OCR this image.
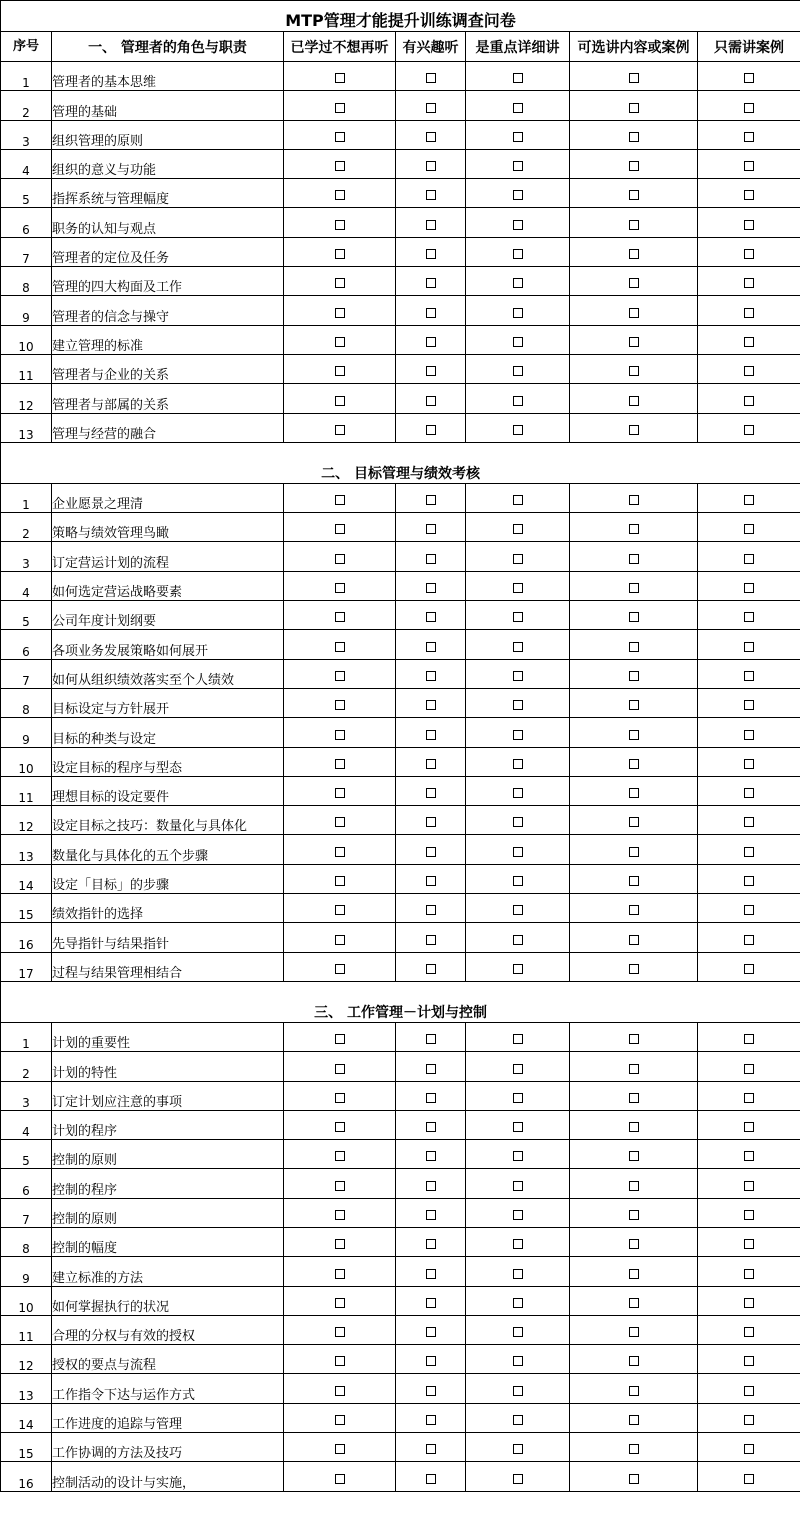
MTP管理才能提升训练调查问卷						
序号	一、 管理者的角色与职责	已学过不想再听	有兴趣听	是重点详细讲	可选讲内容或案例	只需讲案例
1	管理者的基本思维					
2	管理的基础					
3	组织管理的原则					
4	组织的意义与功能					
5	指挥系统与管理幅度					
6	职务的认知与观点					
7	管理者的定位及任务					
8	管理的四大构面及工作					
9	管理者的信念与操守					
10	建立管理的标准					
11	管理者与企业的关系					
12	管理者与部属的关系					
13	管理与经营的融合					
二、 目标管理与绩效考核						
1	企业愿景之理清					
2	策略与绩效管理鸟瞰					
3	订定营运计划的流程					
4	如何选定营运战略要素					
5	公司年度计划纲要					
6	各项业务发展策略如何展开					
7	如何从组织绩效落实至个人绩效					
8	目标设定与方针展开					
9	目标的种类与设定					
10	设定目标的程序与型态					
11	理想目标的设定要件					
12	设定目标之技巧：数量化与具体化					
13	数量化与具体化的五个步骤					
14	设定「目标」的步骤					
15	绩效指针的选择					
16	先导指针与结果指针					
17	过程与结果管理相结合					
三、 工作管理－计划与控制						
1	计划的重要性					
2	计划的特性					
3	订定计划应注意的事项					
4	计划的程序					
5	控制的原则					
6	控制的程序					
7	控制的原则					
8	控制的幅度					
9	建立标准的方法					
10	如何掌握执行的状况					
11	合理的分权与有效的授权					
12	授权的要点与流程					
13	工作指令下达与运作方式					
14	工作进度的追踪与管理					
15	工作协调的方法及技巧					
16	控制活动的设计与实施，					
